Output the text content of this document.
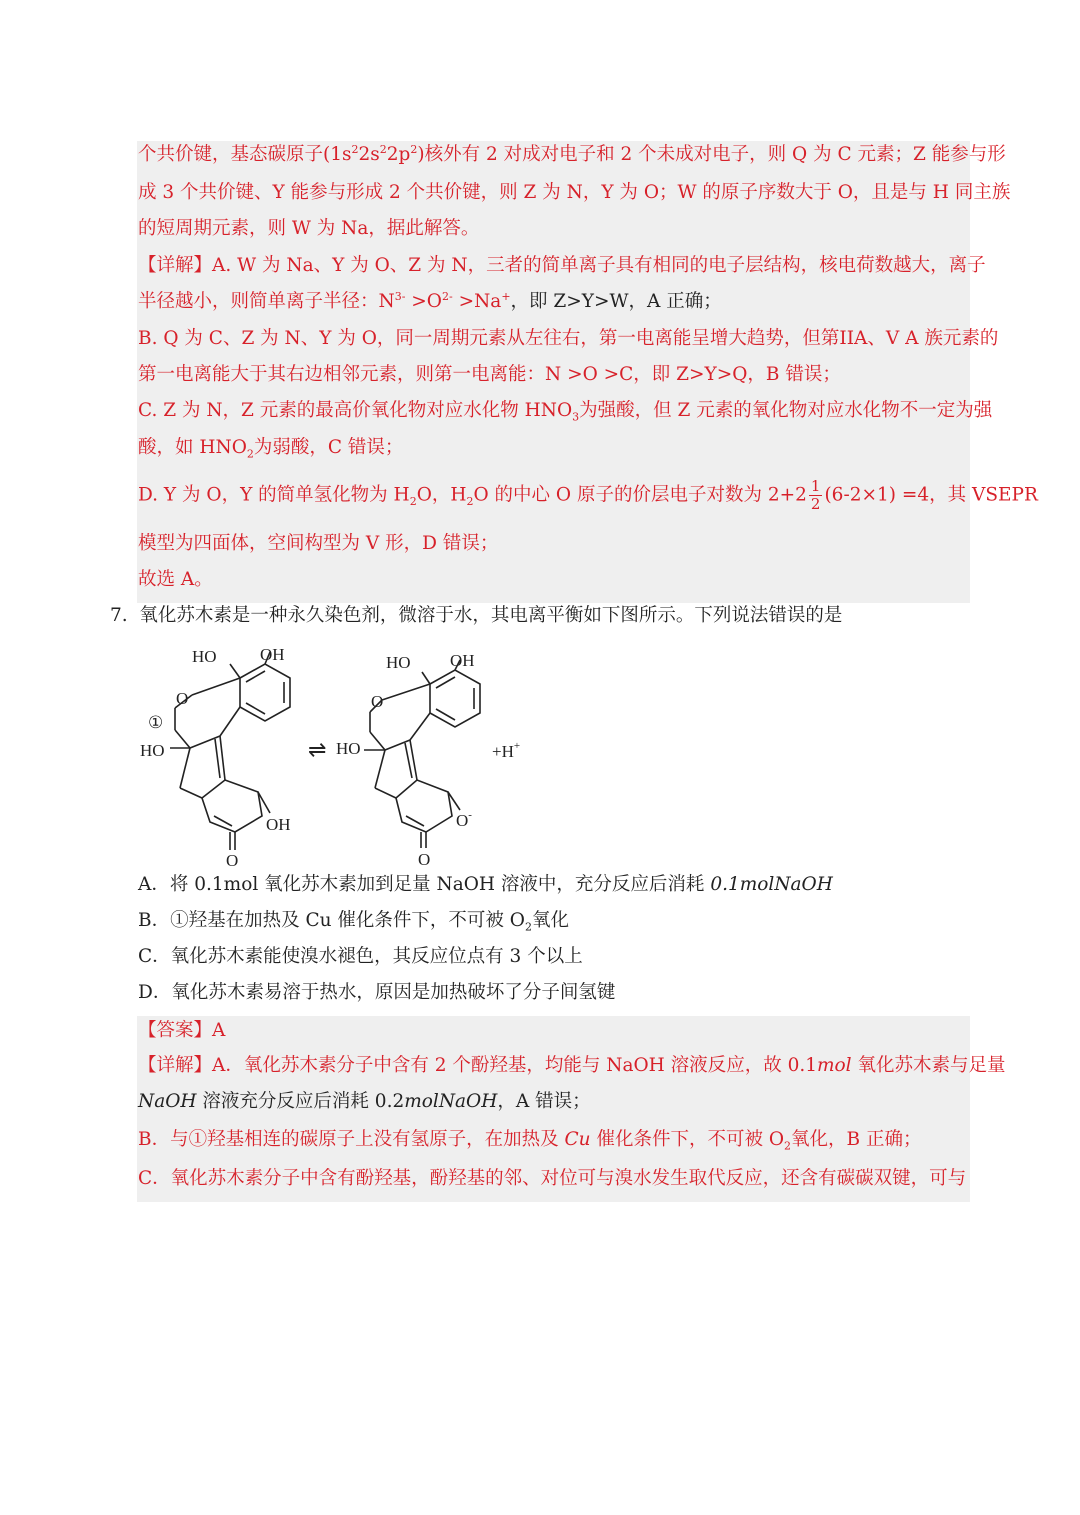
个共价键，基态碳原子$(1s^22s^22p^2)$核外有 2 对成对电子和 2 个未成对电子，则 Q 为 C 元素；Z 能参与形
成 3 个共价键、Y 能参与形成 2 个共价键，则 Z 为 N，Y 为 O；W 的原子序数大于 O，且是与 H 同主族
的短周期元素，则 W 为 Na，据此解答。
【详解】A. W 为 Na、Y 为 O、Z 为 N，三者的简单离子具有相同的电子层结构，核电荷数越大，离子
半径越小，则简单离子半径：$N^{3-} >O^{2-} >Na^+$，即 Z>Y>W，A 正确；
B. Q 为 C、Z 为 N、Y 为 O，同一周期元素从左往右，第一电离能呈增大趋势，但第IIA、V A 族元素的
第一电离能大于其右边相邻元素，则第一电离能：N >O >C，即 Z>Y>Q，B 错误；
C. Z 为 N，Z 元素的最高价氧化物对应水化物 $HNO_3$为强酸，但 Z 元素的氧化物对应水化物不一定为强
酸，如 $HNO_2$为弱酸，C 错误；
D. Y 为 O，Y 的简单氢化物为 $H_2O$，$H_2O$ 的中心 O 原子的价层电子对数为 $2+2 \frac{1}{2} (6-2\times 1) =4$，其 VSEPR
模型为四面体，空间构型为 V 形，D 错误；
故选 A。
7. 氧化苏木素是一种永久染色剂，微溶于水，其电离平衡如下图所示。下列说法错误的是
HO	OH
O
①
HO
OH
O
⇌
HO OH
O
HO
O-
O
+H+
A．将 0.1mol 氧化苏木素加到足量 NaOH 溶液中，充分反应后消耗 0.1molNaOH
B．①羟基在加热及 Cu 催化条件下，不可被 $O_2$氧化
C．氧化苏木素能使溴水褪色，其反应位点有 3 个以上
D．氧化苏木素易溶于热水，原因是加热破坏了分子间氢键
【答案】A
【详解】A．氧化苏木素分子中含有 2 个酚羟基，均能与 NaOH 溶液反应，故 0.1mol 氧化苏木素与足量
NaOH 溶液充分反应后消耗 0.2molNaOH，A 错误；
B．与①羟基相连的碳原子上没有氢原子，在加热及 Cu 催化条件下，不可被 $O_2$氧化，B 正确；
C．氧化苏木素分子中含有酚羟基，酚羟基的邻、对位可与溴水发生取代反应，还含有碳碳双键，可与
